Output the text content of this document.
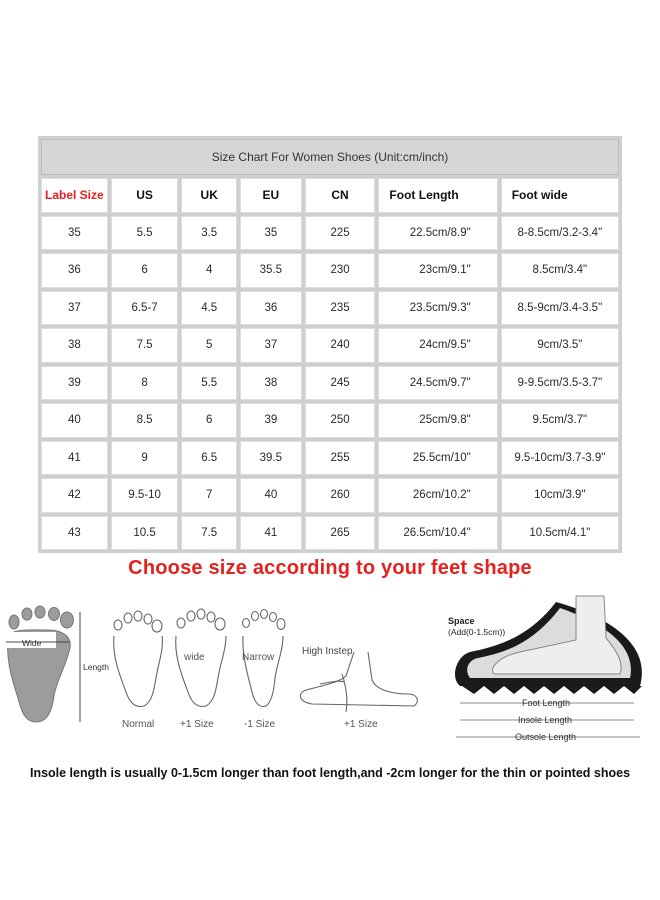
Size Chart For Women Shoes (Unit:cm/inch)						
Label Size	US	UK	EU	CN	Foot Length	Foot wide
35	5.5	3.5	35	225	22.5cm/8.9"	8-8.5cm/3.2-3.4"
36	6	4	35.5	230	23cm/9.1"	8.5cm/3.4"
37	6.5-7	4.5	36	235	23.5cm/9.3"	8.5-9cm/3.4-3.5"
38	7.5	5	37	240	24cm/9.5"	9cm/3.5"
39	8	5.5	38	245	24.5cm/9.7"	9-9.5cm/3.5-3.7"
40	8.5	6	39	250	25cm/9.8"	9.5cm/3.7"
41	9	6.5	39.5	255	25.5cm/10"	9.5-10cm/3.7-3.9"
42	9.5-10	7	40	260	26cm/10.2"	10cm/3.9"
43	10.5	7.5	41	265	26.5cm/10.4"	10.5cm/4.1"
Choose size according to your feet shape
Wide
Length
Normal
wide
+1 Size
Narrow
-1 Size
High Instep
+1 Size
Space
(Add(0-1.5cm))
Foot Length
Insole Length
Outsole Length
Insole length is usually 0-1.5cm longer than foot length,and -2cm longer for the thin or pointed shoes
